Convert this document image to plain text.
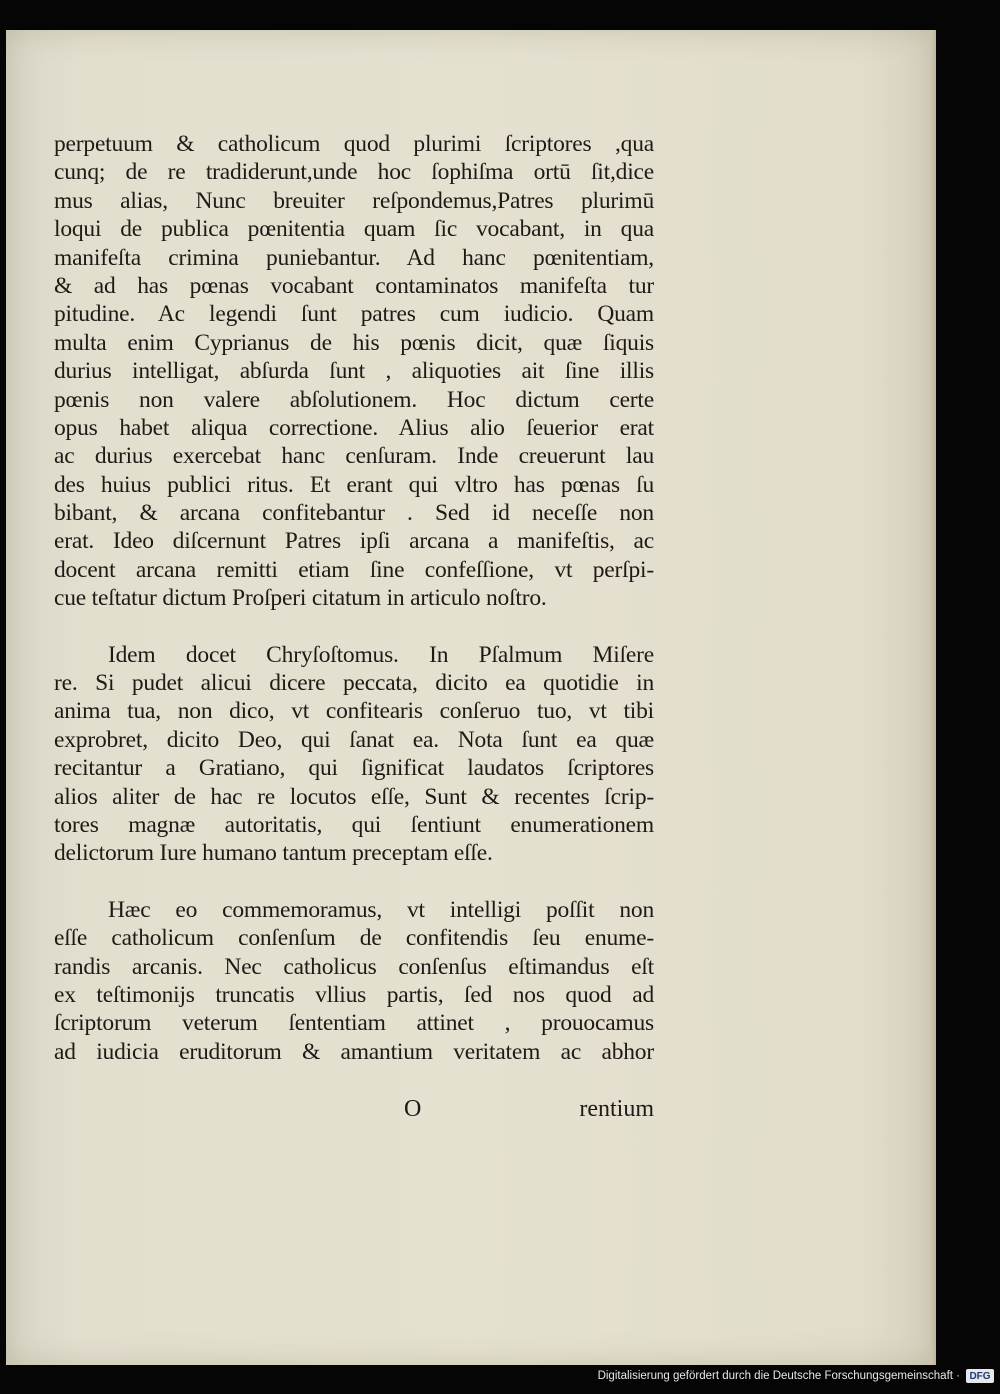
perpetuum & catholicum quod plurimi ſcriptores ,qua
cunq; de re tradiderunt,unde hoc ſophiſma ortū ſit,dice
mus alias, Nunc breuiter reſpondemus,Patres plurimū
loqui de publica pœnitentia quam ſic vocabant, in qua
manifeſta crimina puniebantur. Ad hanc pœnitentiam,
& ad has pœnas vocabant contaminatos manifeſta tur
pitudine. Ac legendi ſunt patres cum iudicio. Quam
multa enim Cyprianus de his pœnis dicit, quæ ſiquis
durius intelligat, abſurda ſunt , aliquoties ait ſine illis
pœnis non valere abſolutionem. Hoc dictum certe
opus habet aliqua correctione. Alius alio ſeuerior erat
ac durius exercebat hanc cenſuram. Inde creuerunt lau
des huius publici ritus. Et erant qui vltro has pœnas ſu
bibant, & arcana confitebantur . Sed id neceſſe non
erat. Ideo diſcernunt Patres ipſi arcana a manifeſtis, ac
docent arcana remitti etiam ſine confeſſione, vt perſpi-
cue teſtatur dictum Proſperi citatum in articulo noſtro.
Idem docet Chryſoſtomus. In Pſalmum Miſere
re. Si pudet alicui dicere peccata, dicito ea quotidie in
anima tua, non dico, vt confitearis conſeruo tuo, vt tibi
exprobret, dicito Deo, qui ſanat ea. Nota ſunt ea quæ
recitantur a Gratiano, qui ſignificat laudatos ſcriptores
alios aliter de hac re locutos eſſe, Sunt & recentes ſcrip-
tores magnæ autoritatis, qui ſentiunt enumerationem
delictorum Iure humano tantum preceptam eſſe.
Hæc eo commemoramus, vt intelligi poſſit non
eſſe catholicum conſenſum de confitendis ſeu enume-
randis arcanis. Nec catholicus conſenſus eſtimandus eſt
ex teſtimonijs truncatis vllius partis, ſed nos quod ad
ſcriptorum veterum ſententiam attinet , prouocamus
ad iudicia eruditorum & amantium veritatem ac abhor
O	rentium
Digitalisierung gefördert durch die Deutsche Forschungsgemeinschaft · DFG
